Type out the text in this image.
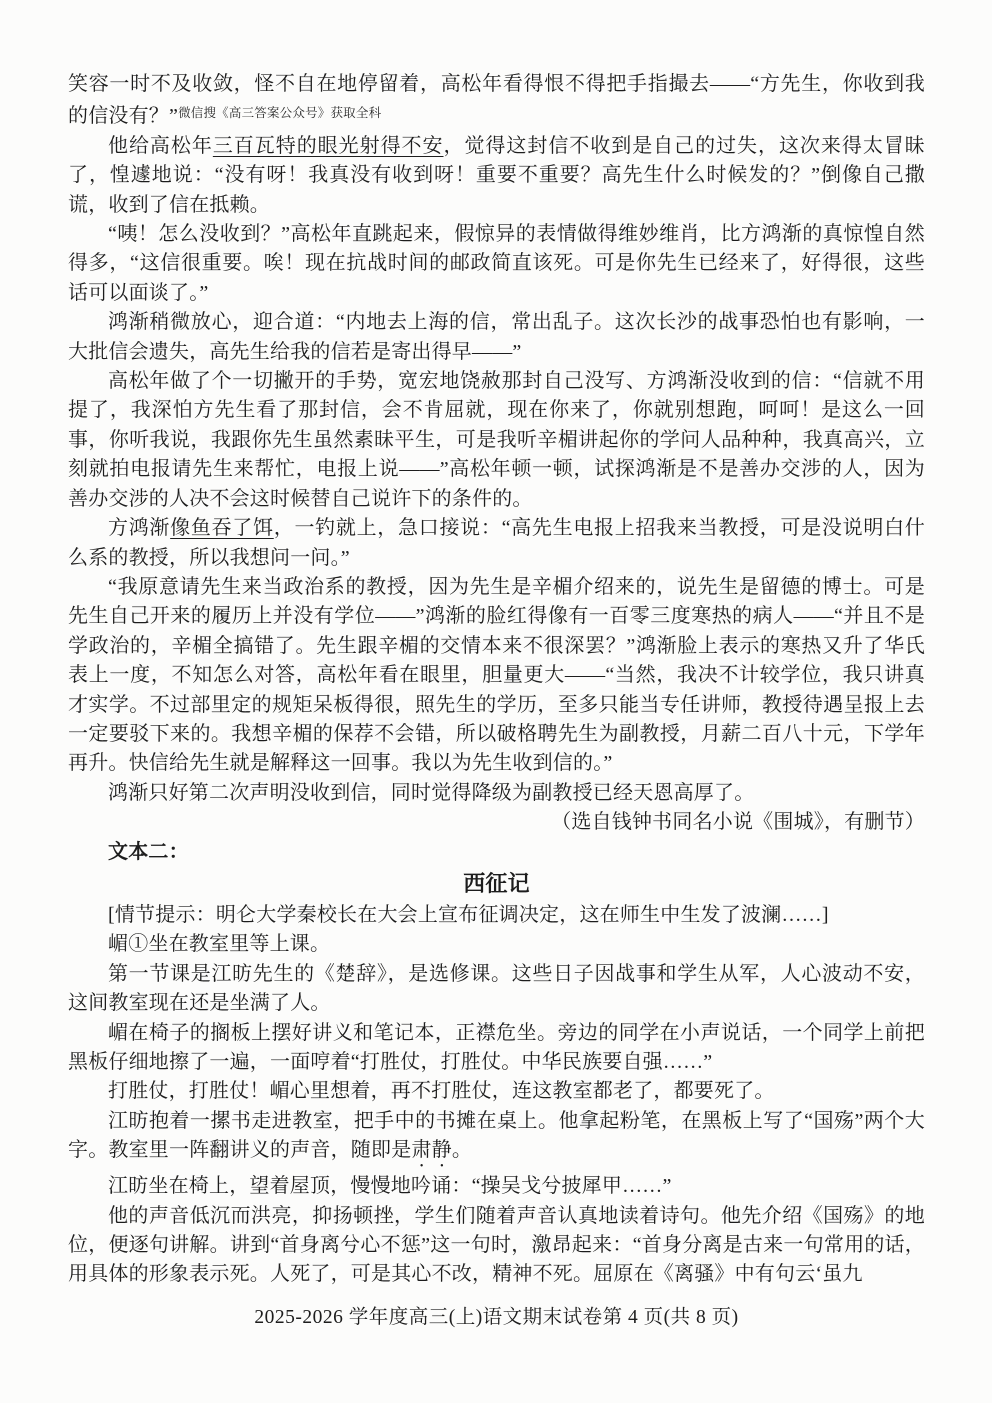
笑容一时不及收敛，怪不自在地停留着，高松年看得恨不得把手指撮去——“方先生，你收到我的信没有？”$^{微信搜《高三答案公众号》获取全科}$

他给高松年三百瓦特的眼光射得不安，觉得这封信不收到是自己的过失，这次来得太冒昧了，惶遽地说：“没有呀！我真没有收到呀！重要不重要？高先生什么时候发的？”倒像自己撒谎，收到了信在抵赖。

“咦！怎么没收到？”高松年直跳起来，假惊异的表情做得维妙维肖，比方鸿渐的真惊惶自然得多，“这信很重要。唉！现在抗战时间的邮政简直该死。可是你先生已经来了，好得很，这些话可以面谈了。”

鸿渐稍微放心，迎合道：“内地去上海的信，常出乱子。这次长沙的战事恐怕也有影响，一大批信会遗失，高先生给我的信若是寄出得早——”

高松年做了个一切撇开的手势，宽宏地饶赦那封自己没写、方鸿渐没收到的信：“信就不用提了，我深怕方先生看了那封信，会不肯屈就，现在你来了，你就别想跑，呵呵！是这么一回事，你听我说，我跟你先生虽然素昧平生，可是我听辛楣讲起你的学问人品种种，我真高兴，立刻就拍电报请先生来帮忙，电报上说——”高松年顿一顿，试探鸿渐是不是善办交涉的人，因为善办交涉的人决不会这时候替自己说许下的条件的。

方鸿渐像鱼吞了饵，一钓就上，急口接说：“高先生电报上招我来当教授，可是没说明白什么系的教授，所以我想问一问。”

“我原意请先生来当政治系的教授，因为先生是辛楣介绍来的，说先生是留德的博士。可是先生自己开来的履历上并没有学位——”鸿渐的脸红得像有一百零三度寒热的病人——“并且不是学政治的，辛楣全搞错了。先生跟辛楣的交情本来不很深罢？”鸿渐脸上表示的寒热又升了华氏表上一度，不知怎么对答，高松年看在眼里，胆量更大——“当然，我决不计较学位，我只讲真才实学。不过部里定的规矩呆板得很，照先生的学历，至多只能当专任讲师，教授待遇呈报上去一定要驳下来的。我想辛楣的保荐不会错，所以破格聘先生为副教授，月薪二百八十元，下学年再升。快信给先生就是解释这一回事。我以为先生收到信的。”

鸿渐只好第二次声明没收到信，同时觉得降级为副教授已经天恩高厚了。

（选自钱钟书同名小说《围城》，有删节）

文本二：

西征记

[情节提示：明仑大学秦校长在大会上宣布征调决定，这在师生中生发了波澜……]

嵋①坐在教室里等上课。

第一节课是江昉先生的《楚辞》，是选修课。这些日子因战事和学生从军，人心波动不安，这间教室现在还是坐满了人。

嵋在椅子的搁板上摆好讲义和笔记本，正襟危坐。旁边的同学在小声说话，一个同学上前把黑板仔细地擦了一遍，一面哼着“打胜仗，打胜仗。中华民族要自强……”

打胜仗，打胜仗！嵋心里想着，再不打胜仗，连这教室都老了，都要死了。

江昉抱着一摞书走进教室，把手中的书摊在桌上。他拿起粉笔，在黑板上写了“国殇”两个大字。教室里一阵翻讲义的声音，随即是肃静。

江昉坐在椅上，望着屋顶，慢慢地吟诵：“操吴戈兮披犀甲……”

他的声音低沉而洪亮，抑扬顿挫，学生们随着声音认真地读着诗句。他先介绍《国殇》的地位，便逐句讲解。讲到“首身离兮心不惩”这一句时，激昂起来：“首身分离是古来一句常用的话，用具体的形象表示死。人死了，可是其心不改，精神不死。屈原在《离骚》中有句云‘虽九

2025-2026 学年度高三(上)语文期末试卷第 4 页(共 8 页)
